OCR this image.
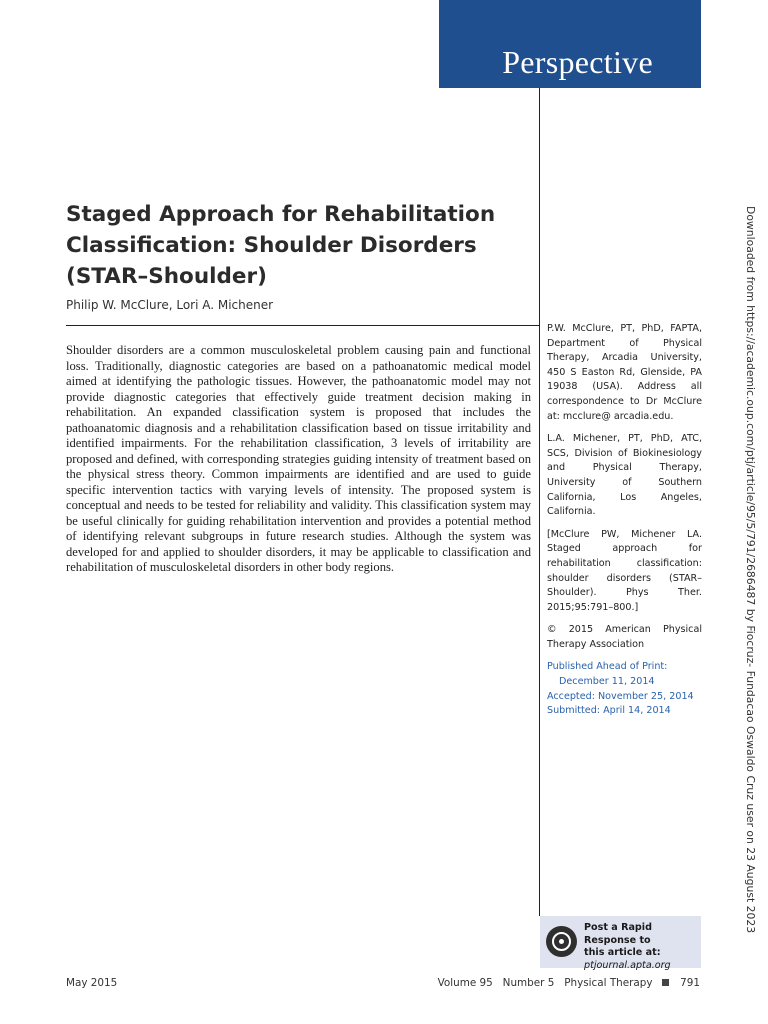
Perspective
Staged Approach for Rehabilitation Classification: Shoulder Disorders (STAR–Shoulder)
Philip W. McClure, Lori A. Michener

Shoulder disorders are a common musculoskeletal problem causing pain and functional loss. Traditionally, diagnostic categories are based on a pathoanatomic medical model aimed at identifying the pathologic tissues. However, the pathoanatomic model may not provide diagnostic categories that effectively guide treatment decision making in rehabilitation. An expanded classification system is proposed that includes the pathoanatomic diagnosis and a rehabilitation classification based on tissue irritability and identified impairments. For the rehabilitation classification, 3 levels of irritability are proposed and defined, with corresponding strategies guiding intensity of treatment based on the physical stress theory. Common impairments are identified and are used to guide specific intervention tactics with varying levels of intensity. The proposed system is conceptual and needs to be tested for reliability and validity. This classification system may be useful clinically for guiding rehabilitation intervention and provides a potential method of identifying relevant subgroups in future research studies. Although the system was developed for and applied to shoulder disorders, it may be applicable to classification and rehabilitation of musculoskeletal disorders in other body regions.

P.W. McClure, PT, PhD, FAPTA, Department of Physical Therapy, Arcadia University, 450 S Easton Rd, Glenside, PA 19038 (USA). Address all correspondence to Dr McClure at: mcclure@ arcadia.edu.

L.A. Michener, PT, PhD, ATC, SCS, Division of Biokinesiology and Physical Therapy, University of Southern California, Los Angeles, California.

[McClure PW, Michener LA. Staged approach for rehabilitation classification: shoulder disorders (STAR–Shoulder). Phys Ther. 2015;95:791–800.]

© 2015 American Physical Therapy Association

Published Ahead of Print:

December 11, 2014

Accepted: November 25, 2014

Submitted: April 14, 2014	Downloaded from https://academic.oup.com/ptj/article/95/5/791/2686487 by Fiocruz- Fundacao Oswaldo Cruz user on 23 August 2023
Post a Rapid Response to
this article at:
ptjournal.apta.org
May 2015	Volume 95 Number 5 Physical Therapy	791
